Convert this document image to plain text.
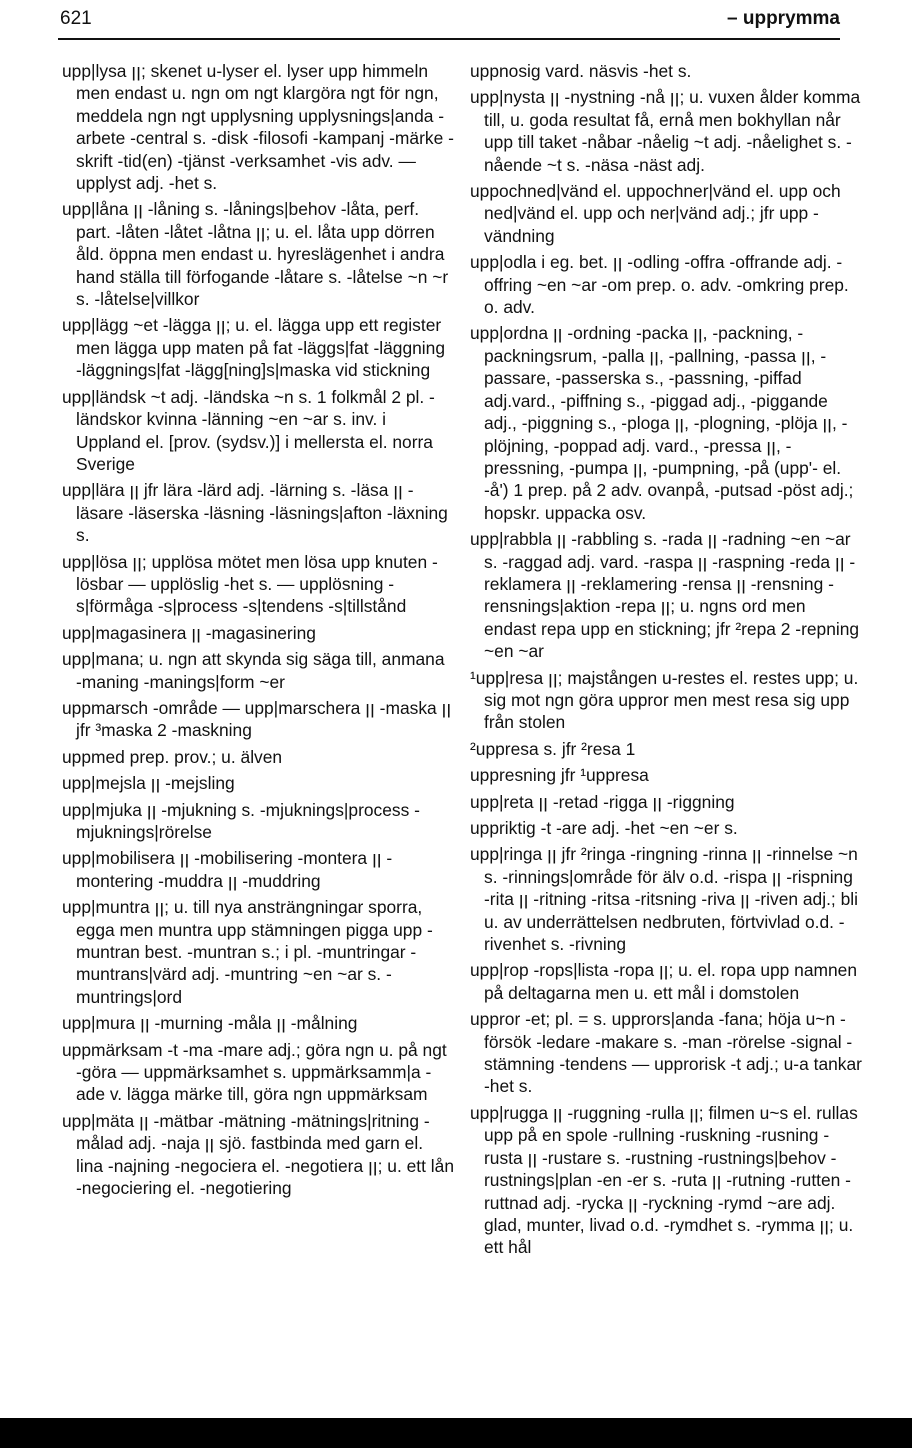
621	– upprymma

upp|lysa ꞁꞁ; skenet u-lyser el. lyser upp himmeln men endast u. ngn om ngt klargöra ngt för ngn, meddela ngn ngt upplysning upplysnings|anda -arbete -central s. -disk -filosofi -kampanj -märke -skrift -tid(en) -tjänst -verksamhet -vis adv. — upplyst adj. -het s.

upp|låna ꞁꞁ -låning s. -lånings|behov -låta, perf. part. -låten -låtet -låtna ꞁꞁ; u. el. låta upp dörren åld. öppna men endast u. hyreslägenhet i andra hand ställa till förfogande -låtare s. -låtelse ~n ~r s. -låtelse|villkor

upp|lägg ~et -lägga ꞁꞁ; u. el. lägga upp ett register men lägga upp maten på fat -läggs|fat -läggning -läggnings|fat -lägg[ning]s|maska vid stickning

upp|ländsk ~t adj. -ländska ~n s. 1 folkmål 2 pl. -ländskor kvinna -länning ~en ~ar s. inv. i Uppland el. [prov. (sydsv.)] i mellersta el. norra Sverige

upp|lära ꞁꞁ jfr lära -lärd adj. -lärning s. -läsa ꞁꞁ -läsare -läserska -läsning -läsnings|afton -läxning s.

upp|lösa ꞁꞁ; upplösa mötet men lösa upp knuten -lösbar — upplöslig -het s. — upplösning -s|förmåga -s|process -s|tendens -s|tillstånd

upp|magasinera ꞁꞁ -magasinering

upp|mana; u. ngn att skynda sig säga till, anmana -maning -manings|form ~er

uppmarsch -område — upp|marschera ꞁꞁ -maska ꞁꞁ jfr ³maska 2 -maskning

uppmed prep. prov.; u. älven

upp|mejsla ꞁꞁ -mejsling

upp|mjuka ꞁꞁ -mjukning s. -mjuknings|process -mjuknings|rörelse

upp|mobilisera ꞁꞁ -mobilisering -montera ꞁꞁ -montering -muddra ꞁꞁ -muddring

upp|muntra ꞁꞁ; u. till nya ansträngningar sporra, egga men muntra upp stämningen pigga upp -muntran best. -muntran s.; i pl. -muntringar -muntrans|värd adj. -muntring ~en ~ar s. -muntrings|ord

upp|mura ꞁꞁ -murning -måla ꞁꞁ -målning

uppmärksam -t -ma -mare adj.; göra ngn u. på ngt -göra — uppmärksamhet s. uppmärksamm|a -ade v. lägga märke till, göra ngn uppmärksam

upp|mäta ꞁꞁ -mätbar -mätning -mätnings|ritning -målad adj. -naja ꞁꞁ sjö. fastbinda med garn el. lina -najning -negociera el. -negotiera ꞁꞁ; u. ett lån -negociering el. -negotiering

uppnosig vard. näsvis -het s.

upp|nysta ꞁꞁ -nystning -nå ꞁꞁ; u. vuxen ålder komma till, u. goda resultat få, ernå men bokhyllan når upp till taket -nåbar -nåelig ~t adj. -nåelighet s. -nående ~t s. -näsa -näst adj.

uppochned|vänd el. uppochner|vänd el. upp och ned|vänd el. upp och ner|vänd adj.; jfr upp -vändning

upp|odla i eg. bet. ꞁꞁ -odling -offra -offrande adj. -offring ~en ~ar -om prep. o. adv. -omkring prep. o. adv.

upp|ordna ꞁꞁ -ordning -packa ꞁꞁ, -packning, -packningsrum, -palla ꞁꞁ, -pallning, -passa ꞁꞁ, -passare, -passerska s., -passning, -piffad adj.vard., -piffning s., -piggad adj., -piggande adj., -piggning s., -ploga ꞁꞁ, -plogning, -plöja ꞁꞁ, -plöjning, -poppad adj. vard., -pressa ꞁꞁ, -pressning, -pumpa ꞁꞁ, -pumpning, -på (upp'- el. -å') 1 prep. på 2 adv. ovanpå, -putsad -pöst adj.; hopskr. uppacka osv.

upp|rabbla ꞁꞁ -rabbling s. -rada ꞁꞁ -radning ~en ~ar s. -raggad adj. vard. -raspa ꞁꞁ -raspning -reda ꞁꞁ -reklamera ꞁꞁ -reklamering -rensa ꞁꞁ -rensning -rensnings|aktion -repa ꞁꞁ; u. ngns ord men endast repa upp en stickning; jfr ²repa 2 -repning ~en ~ar

¹upp|resa ꞁꞁ; majstången u-restes el. restes upp; u. sig mot ngn göra uppror men mest resa sig upp från stolen

²uppresa s. jfr ²resa 1

uppresning jfr ¹uppresa

upp|reta ꞁꞁ -retad -rigga ꞁꞁ -riggning

uppriktig -t -are adj. -het ~en ~er s.

upp|ringa ꞁꞁ jfr ²ringa -ringning -rinna ꞁꞁ -rinnelse ~n s. -rinnings|område för älv o.d. -rispa ꞁꞁ -rispning -rita ꞁꞁ -ritning -ritsa -ritsning -riva ꞁꞁ -riven adj.; bli u. av underrättelsen nedbruten, förtvivlad o.d. -rivenhet s. -rivning

upp|rop -rops|lista -ropa ꞁꞁ; u. el. ropa upp namnen på deltagarna men u. ett mål i domstolen

uppror -et; pl. = s. upprors|anda -fana; höja u~n -försök -ledare -makare s. -man -rörelse -signal -stämning -tendens — upprorisk -t adj.; u-a tankar -het s.

upp|rugga ꞁꞁ -ruggning -rulla ꞁꞁ; filmen u~s el. rullas upp på en spole -rullning -ruskning -rusning -rusta ꞁꞁ -rustare s. -rustning -rustnings|behov -rustnings|plan -en -er s. -ruta ꞁꞁ -rutning -rutten -ruttnad adj. -rycka ꞁꞁ -ryckning -rymd ~are adj. glad, munter, livad o.d. -rymdhet s. -rymma ꞁꞁ; u. ett hål
